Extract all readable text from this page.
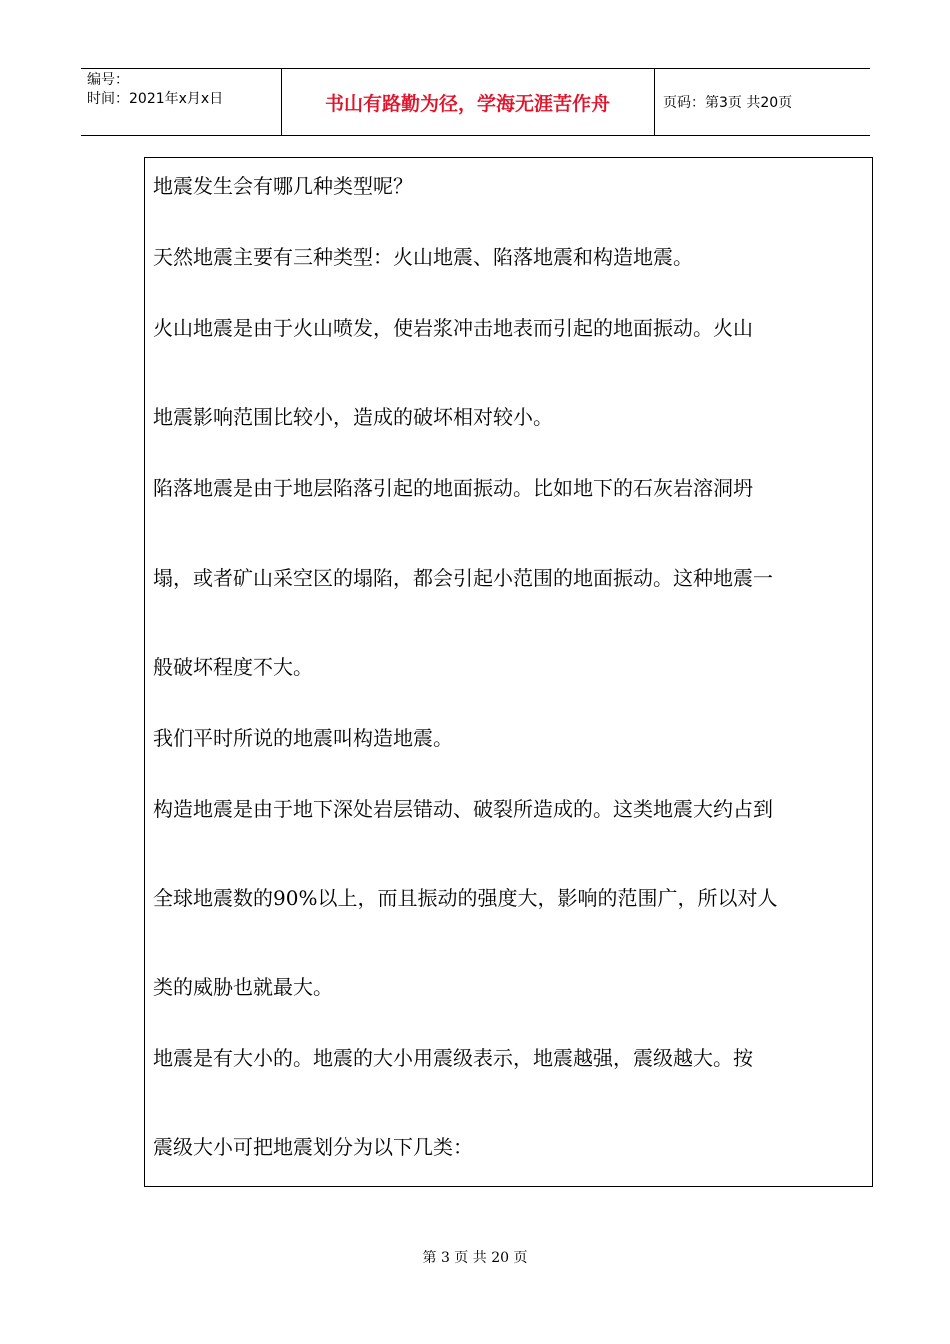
编号：
时间：2021年x月x日	书山有路勤为径，学海无涯苦作舟	页码：第3页 共20页
地震发生会有哪几种类型呢？
天然地震主要有三种类型：火山地震、陷落地震和构造地震。
火山地震是由于火山喷发，使岩浆冲击地表而引起的地面振动。火山
地震影响范围比较小，造成的破坏相对较小。
陷落地震是由于地层陷落引起的地面振动。比如地下的石灰岩溶洞坍
塌，或者矿山采空区的塌陷，都会引起小范围的地面振动。这种地震一
般破坏程度不大。
我们平时所说的地震叫构造地震。
构造地震是由于地下深处岩层错动、破裂所造成的。这类地震大约占到
全球地震数的90%以上，而且振动的强度大，影响的范围广，所以对人
类的威胁也就最大。
地震是有大小的。地震的大小用震级表示，地震越强，震级越大。按
震级大小可把地震划分为以下几类：
第 3 页 共 20 页
